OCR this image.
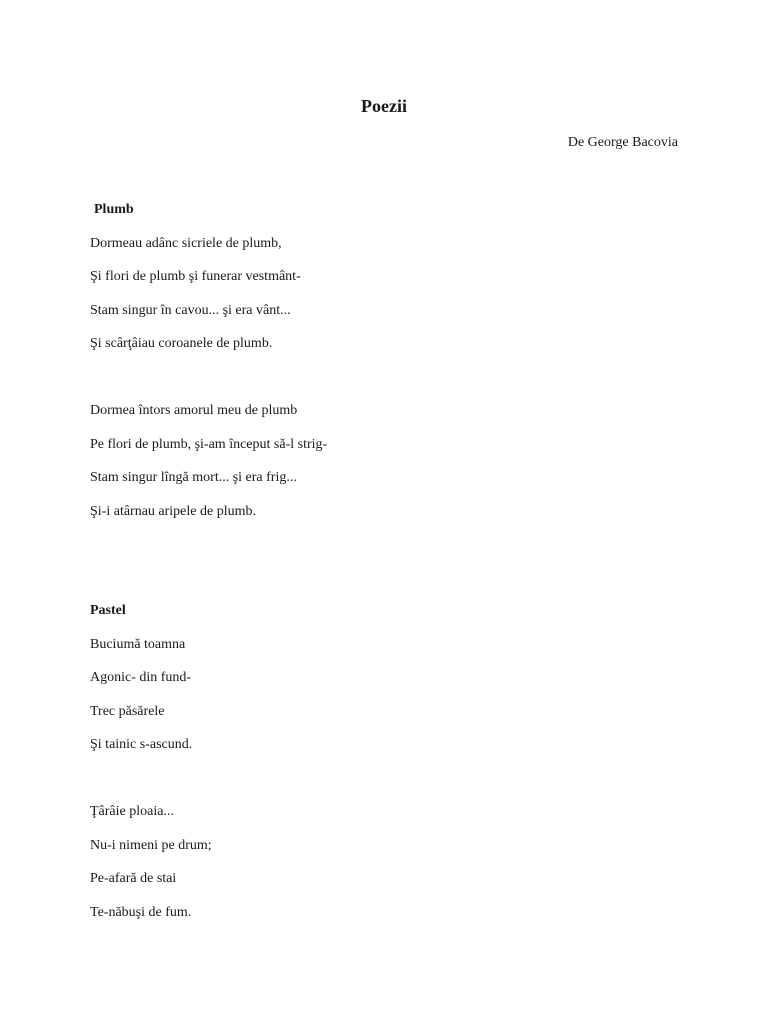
Poezii

De George Bacovia

Plumb

Dormeau adânc sicriele de plumb,

Şi flori de plumb şi funerar vestmânt-

Stam singur în cavou... şi era vânt...

Şi scârţâiau coroanele de plumb.

Dormea întors amorul meu de plumb

Pe flori de plumb, şi-am început să-l strig-

Stam singur lîngă mort... şi era frig...

Şi-i atârnau aripele de plumb.

Pastel

Buciumă toamna

Agonic- din fund-

Trec păsărele

Şi tainic s-ascund.

Ţârâie ploaia...

Nu-i nimeni pe drum;

Pe-afară de stai

Te-năbuşi de fum.
